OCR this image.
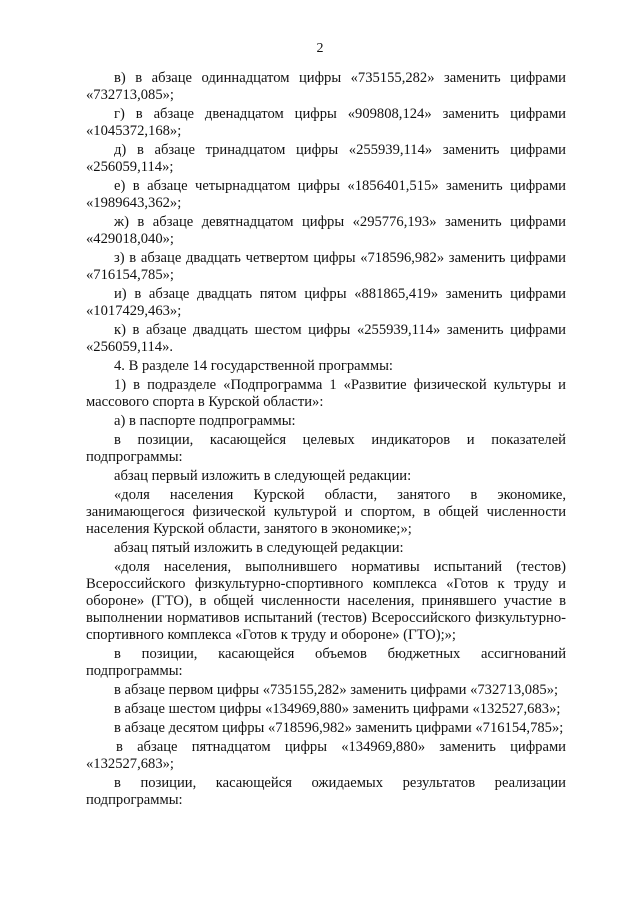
2

в) в абзаце одиннадцатом цифры «735155,282» заменить цифрами «732713,085»;

г) в абзаце двенадцатом цифры «909808,124» заменить цифрами «1045372,168»;

д) в абзаце тринадцатом цифры «255939,114» заменить цифрами «256059,114»;

е) в абзаце четырнадцатом цифры «1856401,515» заменить цифрами «1989643,362»;

ж) в абзаце девятнадцатом цифры «295776,193» заменить цифрами «429018,040»;

з) в абзаце двадцать четвертом цифры «718596,982» заменить цифрами «716154,785»;

и) в абзаце двадцать пятом цифры «881865,419» заменить цифрами «1017429,463»;

к) в абзаце двадцать шестом цифры «255939,114» заменить цифрами «256059,114».

4. В разделе 14 государственной программы:

1) в подразделе «Подпрограмма 1 «Развитие физической культуры и массового спорта в Курской области»:

а) в паспорте подпрограммы:

в позиции, касающейся целевых индикаторов и показателей подпрограммы:

абзац первый изложить в следующей редакции:

«доля населения Курской области, занятого в экономике, занимающегося физической культурой и спортом, в общей численности населения Курской области, занятого в экономике;»;

абзац пятый изложить в следующей редакции:

«доля населения, выполнившего нормативы испытаний (тестов) Всероссийского физкультурно-спортивного комплекса «Готов к труду и обороне» (ГТО), в общей численности населения, принявшего участие в выполнении нормативов испытаний (тестов) Всероссийского физкультурно-спортивного комплекса «Готов к труду и обороне» (ГТО);»;

в позиции, касающейся объемов бюджетных ассигнований подпрограммы:

в абзаце первом цифры «735155,282» заменить цифрами «732713,085»;

в абзаце шестом цифры «134969,880» заменить цифрами «132527,683»;

в абзаце десятом цифры «718596,982» заменить цифрами «716154,785»;

в абзаце пятнадцатом цифры «134969,880» заменить цифрами «132527,683»;

в позиции, касающейся ожидаемых результатов реализации подпрограммы:
